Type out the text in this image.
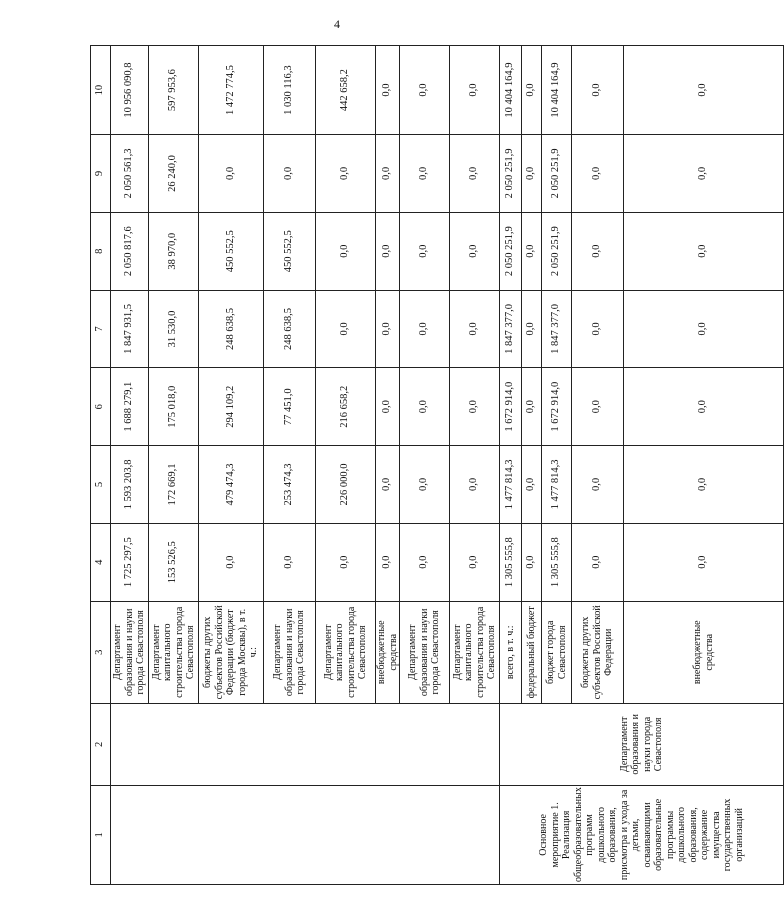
4
1	2	3	4	5	6	7	8	9	10
		Департамент образования и науки города Севастополя	1 725 297,5	1 593 203,8	1 688 279,1	1 847 931,5	2 050 817,6	2 050 561,3	10 956 090,8
		Департамент капитального строительства города Севастополя	153 526,5	172 669,1	175 018,0	31 530,0	38 970,0	26 240,0	597 953,6
		бюджеты других субъектов Российской Федерации (бюджет города Москвы), в т. ч.:	0,0	479 474,3	294 109,2	248 638,5	450 552,5	0,0	1 472 774,5
		Департамент образования и науки города Севастополя	0,0	253 474,3	77 451,0	248 638,5	450 552,5	0,0	1 030 116,3
		Департамент капитального строительства города Севастополя	0,0	226 000,0	216 658,2	0,0	0,0	0,0	442 658,2
		внебюджетные средства	0,0	0,0	0,0	0,0	0,0	0,0	0,0
		Департамент образования и науки города Севастополя	0,0	0,0	0,0	0,0	0,0	0,0	0,0
		Департамент капитального строительства города Севастополя	0,0	0,0	0,0	0,0	0,0	0,0	0,0
Основное мероприятие 1. Реализация общеобразовательных программ дошкольного образования, присмотра и ухода за детьми, осваивающими образовательные программы дошкольного образования, содержание имущества государственных организаций	Департамент образования и науки города Севастополя	всего, в т. ч.:	1 305 555,8	1 477 814,3	1 672 914,0	1 847 377,0	2 050 251,9	2 050 251,9	10 404 164,9
		федеральный бюджет	0,0	0,0	0,0	0,0	0,0	0,0	0,0
		бюджет города Севастополя	1 305 555,8	1 477 814,3	1 672 914,0	1 847 377,0	2 050 251,9	2 050 251,9	10 404 164,9
		бюджеты других субъектов Российской Федерации	0,0	0,0	0,0	0,0	0,0	0,0	0,0
		внебюджетные средства	0,0	0,0	0,0	0,0	0,0	0,0	0,0
